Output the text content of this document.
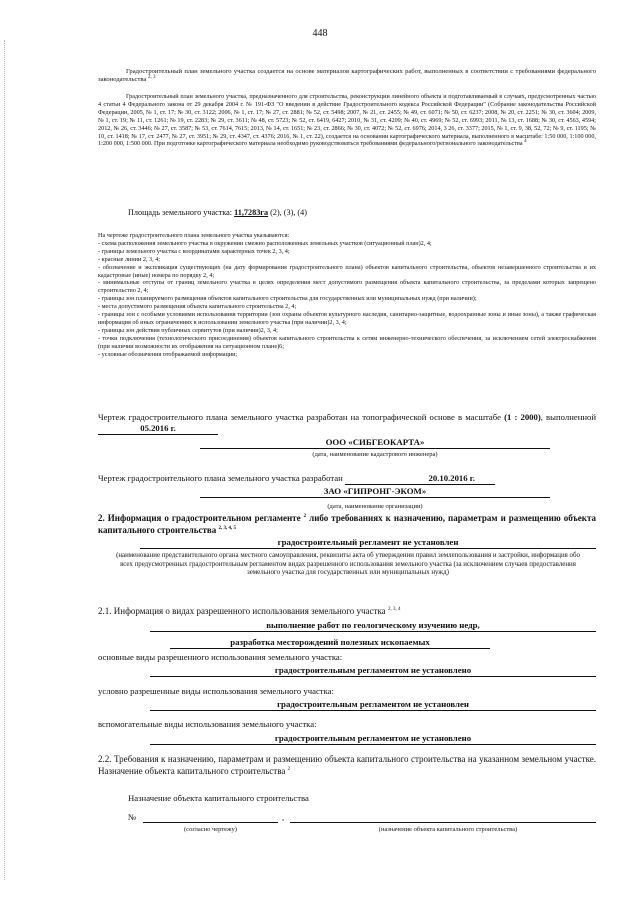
448
Градостроительный план земельного участка создается на основе материалов картографических работ, выполненных в соответствии с требованиями федерального законодательства $^{2, 3}$
Градостроительный план земельного участка, предназначенного для строительства, реконструкции линейного объекта и подготавливаемый в случаях, предусмотренных частью 4 статьи 4 Федерального закона от 29 декабря 2004 г. № 191-ФЗ "О введении в действие Градостроительного кодекса Российской Федерации" (Собрание законодательства Российской Федерации, 2005, № 1, ст. 17; № 30, ст. 3122; 2006, № 1, ст. 17; № 27, ст. 2881; № 52, ст. 5498; 2007, № 21, ст. 2455; № 49, ст. 6071; № 50, ст. 6237; 2008, № 20, ст. 2251; № 30, ст. 3604; 2009, № 1, ст. 19; № 11, ст. 1261; № 19, ст. 2283; № 29, ст. 3611; № 48, ст. 5723; № 52, ст. 6419, 6427; 2010, № 31, ст. 4209; № 40, ст. 4969; № 52, ст. 6993; 2011, № 13, ст. 1688; № 30, ст. 4563, 4594; 2012, № 26, ст. 3446; № 27, ст. 3587; № 53, ст. 7614, 7615; 2013, № 14, ст. 1651; № 23, ст. 2866; № 30, ст. 4072; № 52, ст. 6976; 2014, 3 26, ст. 3377; 2015, № 1, ст. 9, 38, 52, 72; № 9, ст. 1195; № 10, ст. 1418; № 17, ст. 2477, № 27, ст. 3951; № 29, ст. 4347, ст. 4376; 2016, № 1, ст. 22), создается на основании картографического материала, выполненного в масштабе: 1:50 000, 1:100 000, 1:200 000, 1:500 000. При подготовке картографического материала необходимо руководствоваться требованиями федерального/регионального законодательства $^4$
Площадь земельного участка: 11,7283га (2), (3), (4)
На чертеже градостроительного плана земельного участка указываются:
- схема расположения земельного участка в окружении смежно расположенных земельных участков (ситуационный план)2, 4;
- границы земельного участка с координатами характерных точек 2, 3, 4;
- красные линии 2, 3, 4;
- обозначение и экспликация существующих (на дату формирования градостроительного плана) объектов капитального строительства, объектов незавершенного строительства и их кадастровые (иные) номера по порядку 2, 4;
- минимальные отступы от границ земельного участка в целях определения мест допустимого размещения объекта капитального строительства, за пределами которых запрещено строительство 2, 4;
- границы зон планируемого размещения объектов капитального строительства для государственных или муниципальных нужд (при наличии);
- места допустимого размещения объекта капитального строительства 2, 4;
- границы зон с особыми условиями использования территории (зон охраны объектов культурного наследия, санитарно-защитные, водоохранные зоны и иные зоны), а также графическая информация об иных ограничениях в использовании земельного участка (при наличии)2, 3, 4;
- границы зон действия публичных сервитутов (при наличии)2, 3, 4;
- точки подключения (технологического присоединения) объектов капитального строительства к сетям инженерно-технического обеспечения, за исключением сетей электроснабжения (при наличии возможности их отображения на ситуационном плане)6;
- условные обозначения отображаемой информации;
Чертеж градостроительного плана земельного участка разработан на топографической основе в масштабе (1 : 2000), выполненной 05.2016 г.
ООО «СИБГЕОКАРТА»
(дата, наименование кадастрового инженера)
Чертеж градостроительного плана земельного участка разработан	20.10.2016 г.
ЗАО «ГИПРОНГ-ЭКОМ»
(дата, наименование организации)
2. Информация о градостроительном регламенте $^2$ либо требованиях к назначению, параметрам и размещению объекта капитального строительства $^{2, 3, 4, 5}$
градостроительный регламент не установлен
(наименование представительного органа местного самоуправления, реквизиты акта об утверждении правил землепользования и застройки, информация обо всех предусмотренных градостроительным регламентом видах разрешенного использования земельного участка (за исключением случаев предоставления земельного участка для государственных или муниципальных нужд)
2.1. Информация о видах разрешенного использования земельного участка $^{2, 3, 4}$
выполнение работ по геологическому изучению недр,
разработка месторождений полезных ископаемых
основные виды разрешенного использования земельного участка:
градостроительным регламентом не установлено
условно разрешенные виды использования земельного участка:
градостроительным регламентом не установлен
вспомогательные виды использования земельного участка:
градостроительным регламентом не установлено
2.2. Требования к назначению, параметрам и размещению объекта капитального строительства на указанном земельном участке. Назначение объекта капитального строительства $^2$
Назначение объекта капитального строительства
№	,
(согласно чертежу)	(назначение объекта капитального строительства)
